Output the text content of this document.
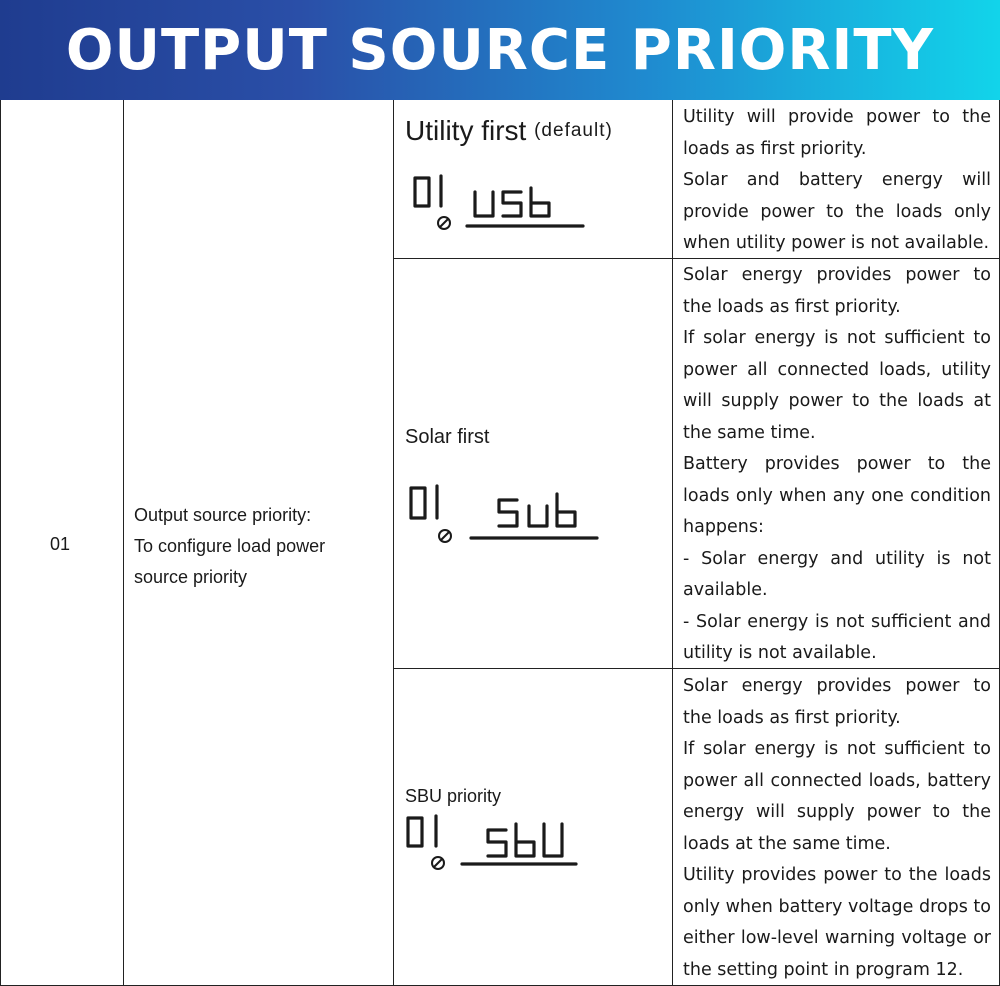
OUTPUT SOURCE PRIORITY
01
Output source priority:
To configure load power
source priority
Utility first (default)

Utility will provide power to the loads as first priority.

Solar and battery energy will provide power to the loads only when utility power is not available.

Solar first

Solar energy provides power to the loads as first priority.

If solar energy is not sufficient to power all connected loads, utility will supply power to the loads at the same time.

Battery provides power to the loads only when any one condition happens:

- Solar energy and utility is not available.

- Solar energy is not sufficient and utility is not available.

SBU priority

Solar energy provides power to the loads as first priority.

If solar energy is not sufficient to power all connected loads, battery energy will supply power to the loads at the same time.

Utility provides power to the loads only when battery voltage drops to either low-level warning voltage or the setting point in program 12.
